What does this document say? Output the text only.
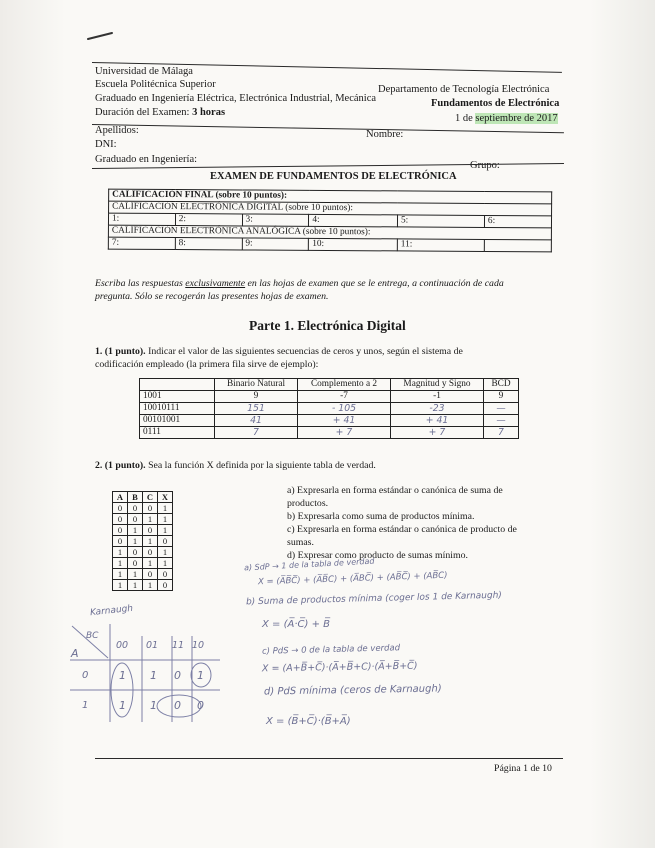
Universidad de Málaga
Escuela Politécnica Superior	Departamento de Tecnología Electrónica
Graduado en Ingeniería Eléctrica, Electrónica Industrial, Mecánica	Fundamentos de Electrónica
Duración del Examen: 3 horas
1 de septiembre de 2017
Apellidos:	Nombre:
DNI:
Graduado en Ingeniería:
Grupo:
EXAMEN DE FUNDAMENTOS DE ELECTRÓNICA
CALIFICACIÓN FINAL (sobre 10 puntos):					
CALIFICACIÓN ELECTRÓNICA DIGITAL (sobre 10 puntos):					
1:	2:	3:	4:	5:	6:
CALIFICACIÓN ELECTRÓNICA ANALÓGICA (sobre 10 puntos):					
7:	8:	9:	10:	11:	
Escriba las respuestas exclusivamente en las hojas de examen que se le entrega, a continuación de cada
pregunta. Sólo se recogerán las presentes hojas de examen.
Parte 1. Electrónica Digital
1. (1 punto). Indicar el valor de las siguientes secuencias de ceros y unos, según el sistema de
codificación empleado (la primera fila sirve de ejemplo):
	Binario Natural	Complemento a 2	Magnitud y Signo	BCD
1001	9	-7	-1	9
10010111	151	- 105	-23	—
00101001	41	+ 41	+ 41	—
0111	7	+ 7	+ 7	7
2. (1 punto). Sea la función X definida por la siguiente tabla de verdad.
A	B	C	X
0	0	0	1
0	0	1	1
0	1	0	1
0	1	1	0
1	0	0	1
1	0	1	1
1	1	0	0
1	1	1	0
a) Expresarla en forma estándar o canónica de suma de
productos.
b) Expresarla como suma de productos mínima.
c) Expresarla en forma estándar o canónica de producto de
sumas.
d) Expresar como producto de sumas mínimo.
a) SdP → 1 de la tabla de verdad
X = (A̅B̅C̅) + (A̅B̅C) + (A̅BC̅) + (AB̅C̅) + (AB̅C)
b) Suma de productos mínima (coger los 1 de Karnaugh)
X = (A̅·C̅) + B̅
c) PdS → 0 de la tabla de verdad
X = (A+B̅+C̅)·(A̅+B̅+C)·(A̅+B̅+C̅)
d) PdS mínima (ceros de Karnaugh)
X = (B̅+C̅)·(B̅+A̅)
Karnaugh
BC
A
00 01 11 10
0
1
1 1 0 1
1 1 0 0
Página 1 de 10
